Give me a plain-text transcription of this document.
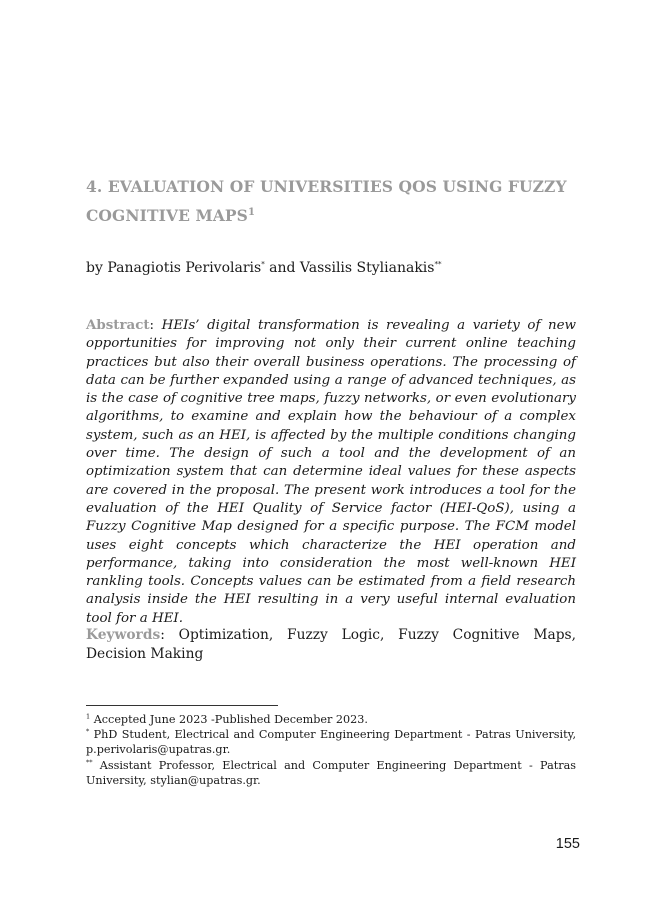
4. EVALUATION OF UNIVERSITIES QOS USING FUZZY COGNITIVE MAPS$^1$
by Panagiotis Perivolaris* and Vassilis Stylianakis**
Abstract: HEIs’ digital transformation is revealing a variety of new opportunities for improving not only their current online teaching practices but also their overall business operations. The processing of data can be further expanded using a range of advanced techniques, as is the case of cognitive tree maps, fuzzy networks, or even evolutionary algorithms, to examine and explain how the behaviour of a complex system, such as an HEI, is affected by the multiple conditions changing over time. The design of such a tool and the development of an optimization system that can determine ideal values for these aspects are covered in the proposal. The present work introduces a tool for the evaluation of the HEI Quality of Service factor (HEI-QoS), using a Fuzzy Cognitive Map designed for a specific purpose. The FCM model uses eight concepts which characterize the HEI operation and performance, taking into consideration the most well-known HEI rankling tools. Concepts values can be estimated from a field research analysis inside the HEI resulting in a very useful internal evaluation tool for a HEI.
Keywords: Optimization, Fuzzy Logic, Fuzzy Cognitive Maps, Decision Making
$^1$ Accepted June 2023 -Published December 2023.
* PhD Student, Electrical and Computer Engineering Department - Patras University, p.perivolaris@upatras.gr.
** Assistant Professor, Electrical and Computer Engineering Department - Patras University, stylian@upatras.gr.
155
